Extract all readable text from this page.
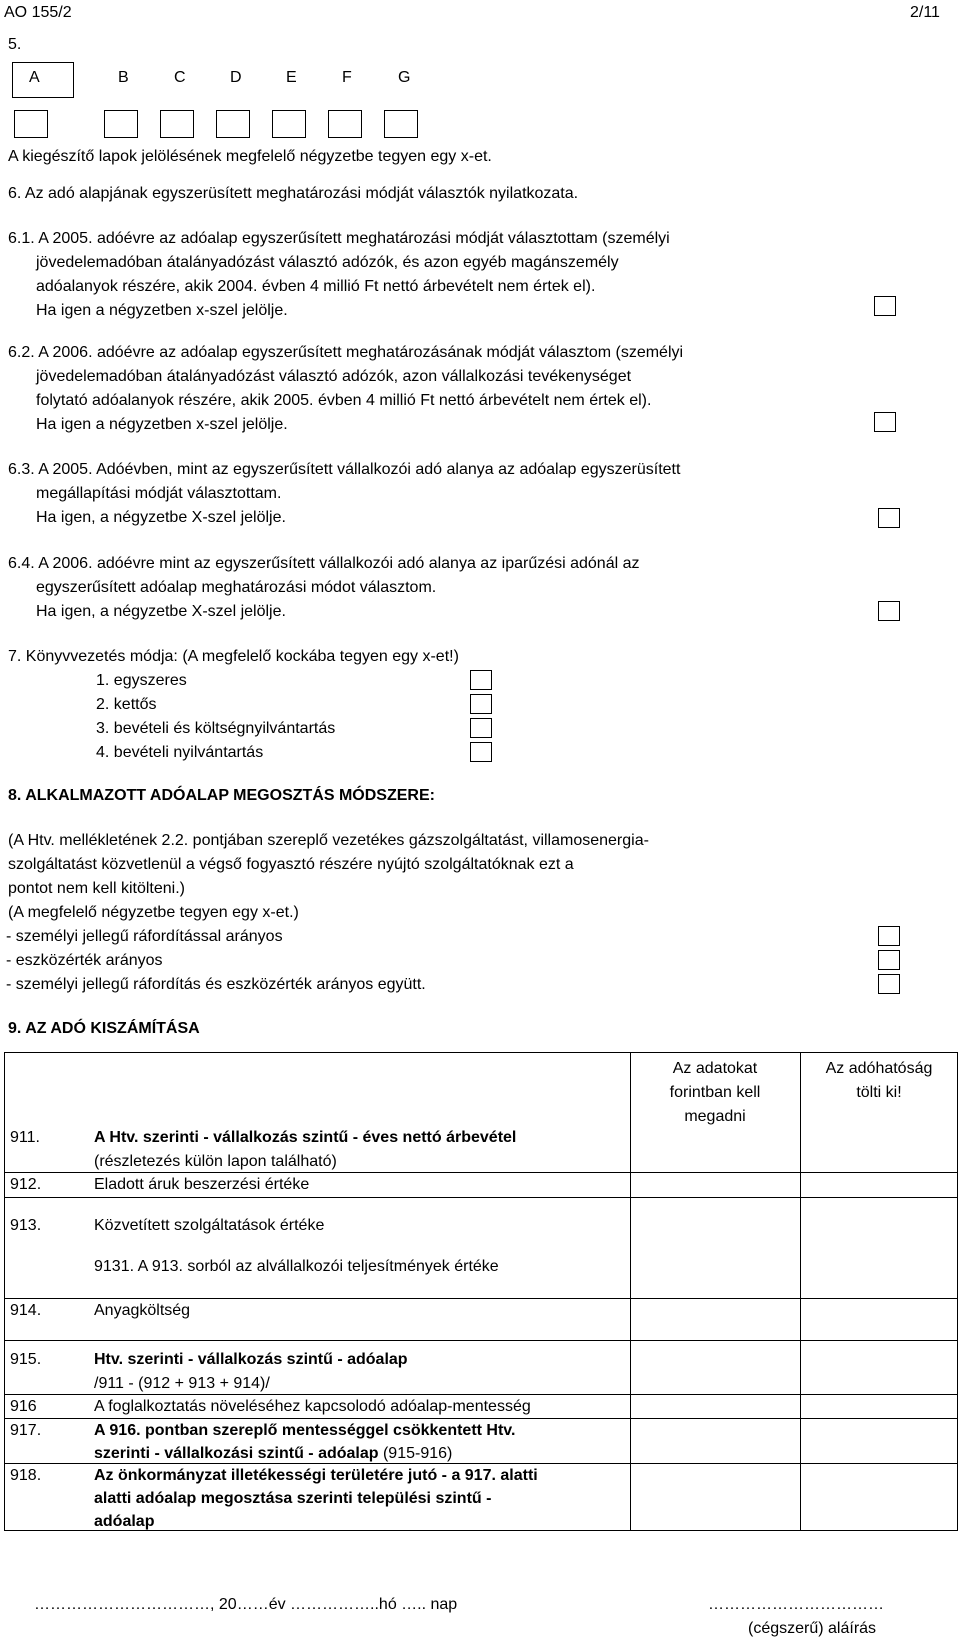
AO 155/2	2/11
5.
A	B	C	D	E	F	G
A kiegészítő lapok jelölésének megfelelő négyzetbe tegyen egy x-et.
6. Az adó alapjának egyszerüsített meghatározási módját választók nyilatkozata.
6.1. A 2005. adóévre az adóalap egyszerűsített meghatározási módját választottam (személyi
jövedelemadóban átalányadózást választó adózók, és azon egyéb magánszemély
adóalanyok részére, akik 2004. évben 4 millió Ft nettó árbevételt nem értek el).
Ha igen a négyzetben x-szel jelölje.
6.2. A 2006. adóévre az adóalap egyszerűsített meghatározásának módját választom (személyi
jövedelemadóban átalányadózást választó adózók, azon vállalkozási tevékenységet
folytató adóalanyok részére, akik 2005. évben 4 millió Ft nettó árbevételt nem értek el).
Ha igen a négyzetben x-szel jelölje.
6.3. A 2005. Adóévben, mint az egyszerűsített vállalkozói adó alanya az adóalap egyszerüsített
megállapítási módját választottam.
Ha igen, a négyzetbe X-szel jelölje.
6.4. A 2006. adóévre mint az egyszerűsített vállalkozói adó alanya az iparűzési adónál az
egyszerűsített adóalap meghatározási módot választom.
Ha igen, a négyzetbe X-szel jelölje.
7. Könyvvezetés módja: (A megfelelő kockába tegyen egy x-et!)
1. egyszeres
2. kettős
3. bevételi és költségnyilvántartás
4. bevételi nyilvántartás
8. ALKALMAZOTT ADÓALAP MEGOSZTÁS MÓDSZERE:
(A Htv. mellékletének 2.2. pontjában szereplő vezetékes gázszolgáltatást, villamosenergia-
szolgáltatást közvetlenül a végső fogyasztó részére nyújtó szolgáltatóknak ezt a
pontot nem kell kitölteni.)
(A megfelelő négyzetbe tegyen egy x-et.)
- személyi jellegű ráfordítással arányos
- eszközérték arányos
- személyi jellegű ráfordítás és eszközérték arányos együtt.
9. AZ ADÓ KISZÁMÍTÁSA
Az adatokat
forintban kell
megadni
Az adóhatóság
tölti ki!
911.	A Htv. szerinti - vállalkozás szintű - éves nettó árbevétel
(részletezés külön lapon található)
912.	Eladott áruk beszerzési értéke
913.	Közvetített szolgáltatások értéke
9131. A 913. sorból az alvállalkozói teljesítmények értéke
914.	Anyagköltség
915.	Htv. szerinti - vállalkozás szintű - adóalap
/911 - (912 + 913 + 914)/
916	A foglalkoztatás növeléséhez kapcsolodó adóalap-mentesség
917.	A 916. pontban szereplő mentességgel csökkentett Htv.
szerinti - vállalkozási szintű - adóalap (915-916)
918.	Az önkormányzat illetékességi területére jutó - a 917. alatti
alatti adóalap megosztása szerinti települési szintű -
adóalap
……………………………, 20……év ……………..hó ….. nap	……………………………
(cégszerű) aláírás
